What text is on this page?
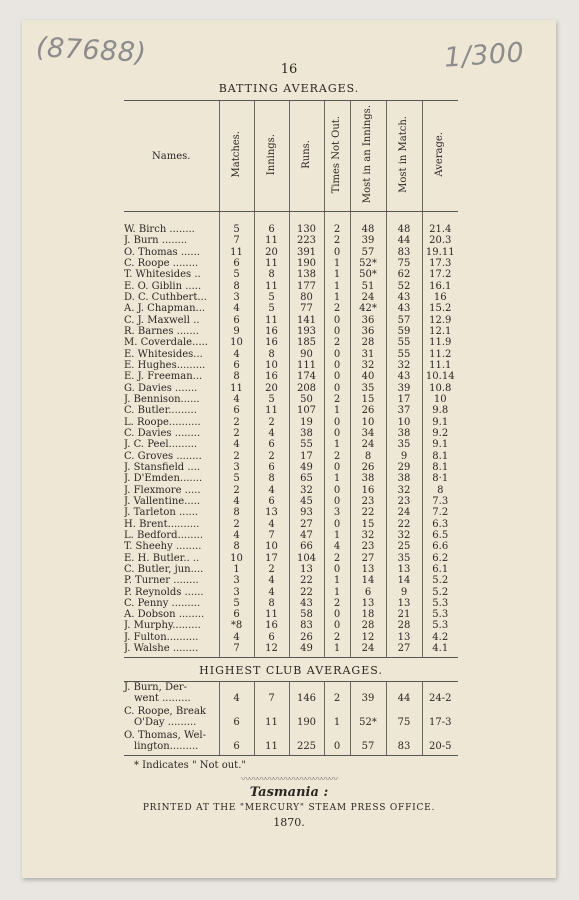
(87688)	1/300
16
BATTING AVERAGES.
Names.	Matches.	Innings.	Runs.	Times Not Out.	Most in an Innings.	Most in Match.	Average.

W. Birch ........	5	6	130	2	48	48	21.4
J. Burn ........	7	11	223	2	39	44	20.3
O. Thomas ......	11	20	391	0	57	83	19.11
C. Roope ........	6	11	190	1	52*	75	17.3
T. Whitesides ..	5	8	138	1	50*	62	17.2
E. O. Giblin .....	8	11	177	1	51	52	16.1
D. C. Cuthbert...	3	5	80	1	24	43	16
A. J. Chapman...	4	5	77	2	42*	43	15.2
C. J. Maxwell ..	6	11	141	0	36	57	12.9
R. Barnes .......	9	16	193	0	36	59	12.1
M. Coverdale.....	10	16	185	2	28	55	11.9
E. Whitesides...	4	8	90	0	31	55	11.2
E. Hughes.........	6	10	111	0	32	32	11.1
E. J. Freeman...	8	16	174	0	40	43	10.14
G. Davies .......	11	20	208	0	35	39	10.8
J. Bennison......	4	5	50	2	15	17	10
C. Butler.........	6	11	107	1	26	37	9.8
L. Roope..........	2	2	19	0	10	10	9.1
C. Davies ........	2	4	38	0	34	38	9.2
J. C. Peel.........	4	6	55	1	24	35	9.1
C. Groves ........	2	2	17	2	8	9	8.1
J. Stansfield ....	3	6	49	0	26	29	8.1
J. D'Emden.......	5	8	65	1	38	38	8·1
J. Flexmore .....	2	4	32	0	16	32	8
J. Vallentine.....	4	6	45	0	23	23	7.3
J. Tarleton ......	8	13	93	3	22	24	7.2
H. Brent..........	2	4	27	0	15	22	6.3
L. Bedford........	4	7	47	1	32	32	6.5
T. Sheehy ........	8	10	66	4	23	25	6.6
E. H. Butler.. ..	10	17	104	2	27	35	6.2
C. Butler, jun....	1	2	13	0	13	13	6.1
P. Turner ........	3	4	22	1	14	14	5.2
P. Reynolds ......	3	4	22	1	6	9	5.2
C. Penny .........	5	8	43	2	13	13	5.3
A. Dobson ........	6	11	58	0	18	21	5.3
J. Murphy.........	*8	16	83	0	28	28	5.3
J. Fulton..........	4	6	26	2	12	13	4.2
J. Walshe ........	7	12	49	1	24	27	4.1
HIGHEST CLUB AVERAGES.
J. Burn, Der-
went .........	4	7	146	2	39	44	24-2

C. Roope, Break
O'Day .........	6	11	190	1	52*	75	17-3

O. Thomas, Wel-
lington.........	6	11	225	0	57	83	20-5
* Indicates " Not out."
〰〰〰〰〰〰〰〰〰〰〰〰
Tasmania :
PRINTED AT THE "MERCURY" STEAM PRESS OFFICE.
1870.
